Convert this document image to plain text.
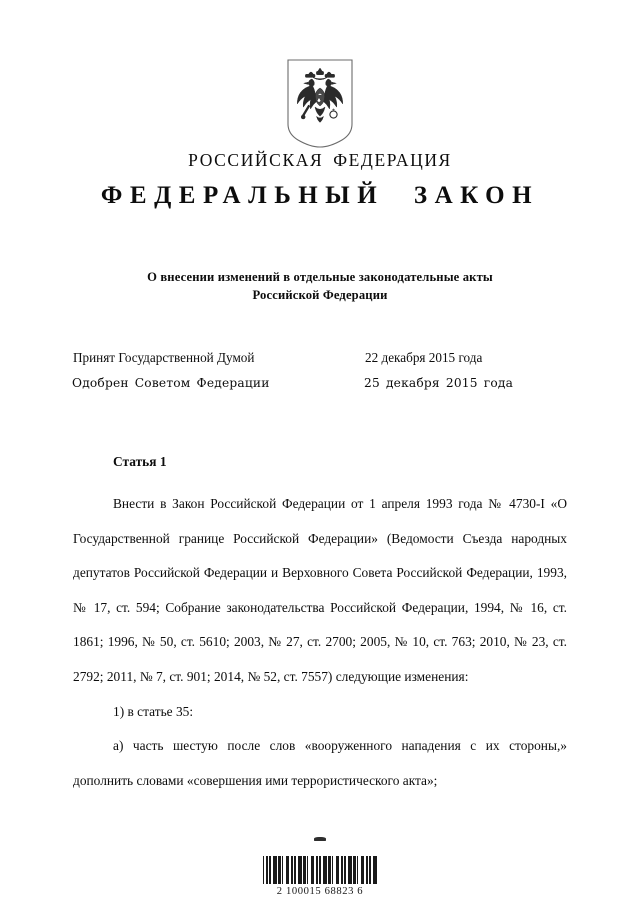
РОССИЙСКАЯ ФЕДЕРАЦИЯ
ФЕДЕРАЛЬНЫЙ ЗАКОН
О внесении изменений в отдельные законодательные акты
Российской Федерации
Принят Государственной Думой	22 декабря 2015 года
Одобрен Советом Федерации	25 декабря 2015 года
Статья 1

Внести в Закон Российской Федерации от 1 апреля 1993 года № 4730-I «О Государственной границе Российской Федерации» (Ведомости Съезда народных депутатов Российской Федерации и Верховного Совета Российской Федерации, 1993, № 17, ст. 594; Собрание законодательства Российской Федерации, 1994, № 16, ст. 1861; 1996, № 50, ст. 5610; 2003, № 27, ст. 2700; 2005, № 10, ст. 763; 2010, № 23, ст. 2792; 2011, № 7, ст. 901; 2014, № 52, ст. 7557) следующие изменения:

1) в статье 35:

а) часть шестую после слов «вооруженного нападения с их стороны,» дополнить словами «совершения ими террористического акта»;

2 100015 68823 6
